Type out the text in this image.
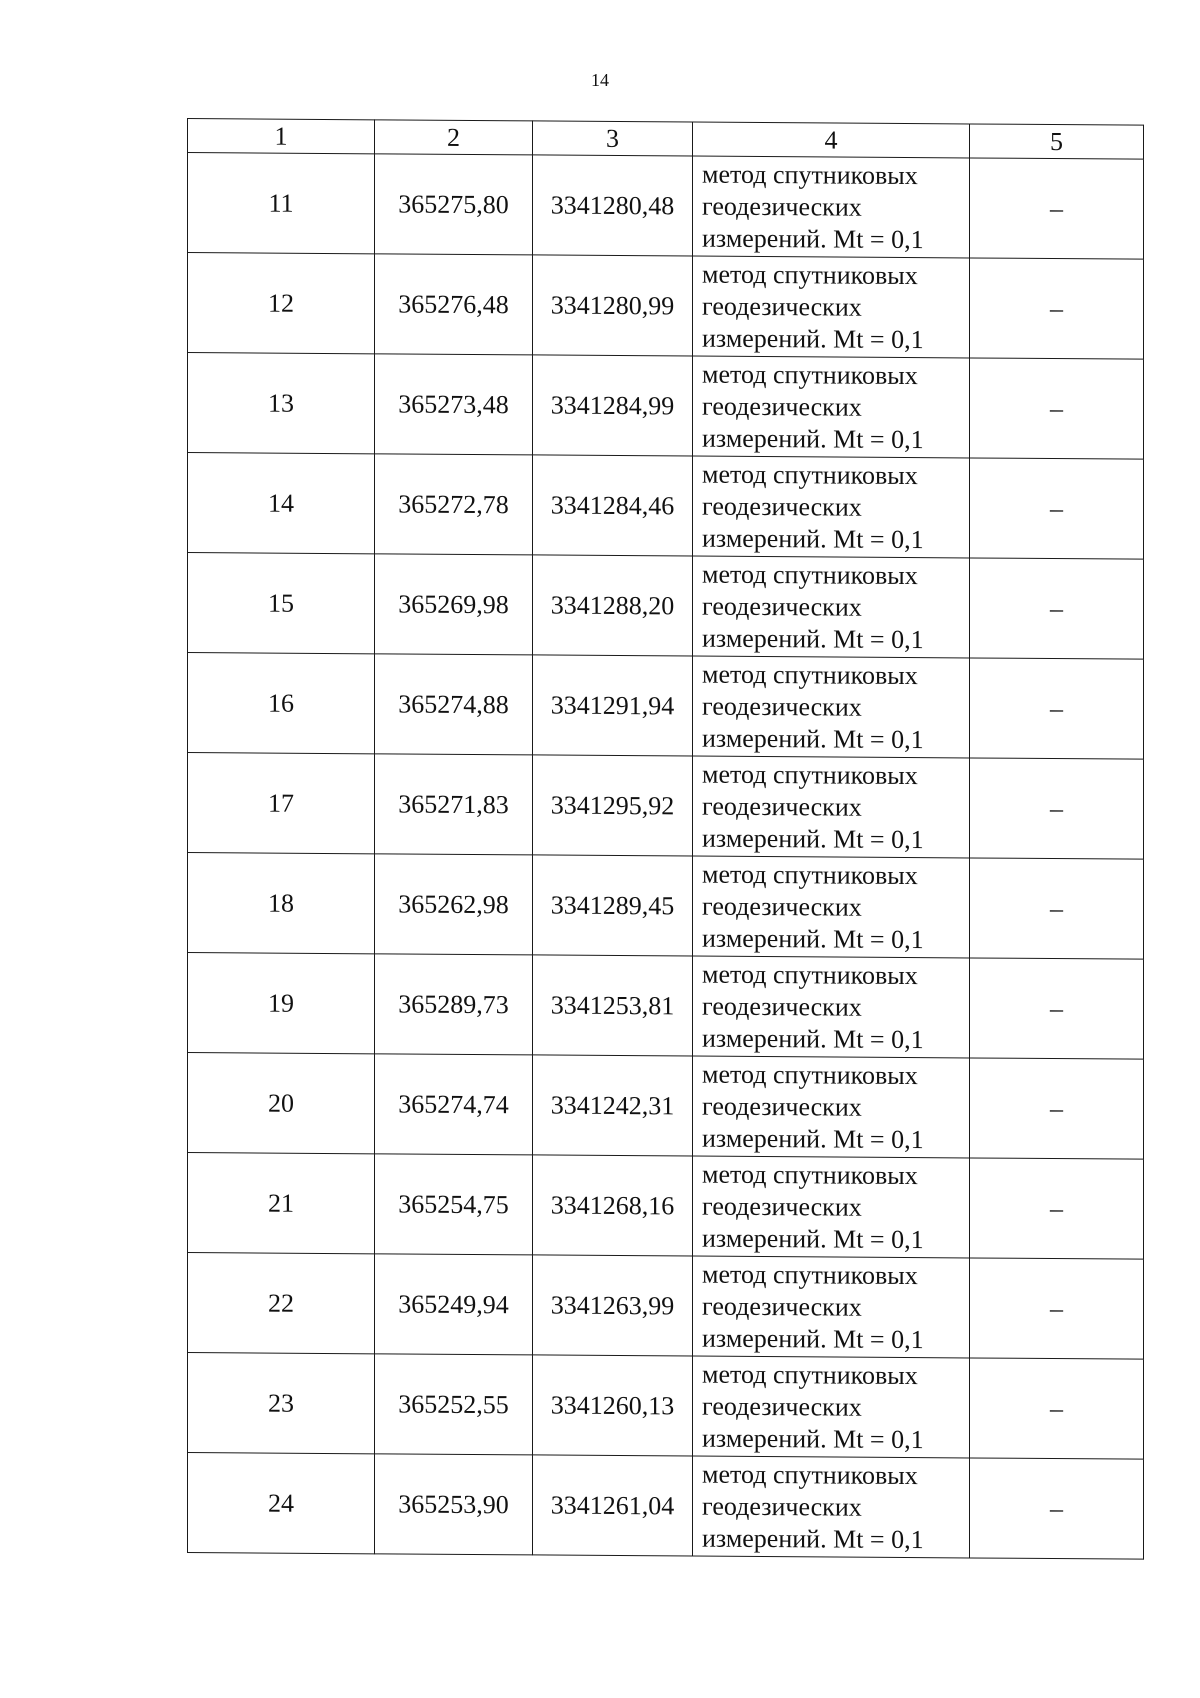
14
1	2	3	4	5
11	365275,80	3341280,48	метод спутниковых
геодезических
измерений. Mt = 0,1	–
12	365276,48	3341280,99	метод спутниковых
геодезических
измерений. Mt = 0,1	–
13	365273,48	3341284,99	метод спутниковых
геодезических
измерений. Mt = 0,1	–
14	365272,78	3341284,46	метод спутниковых
геодезических
измерений. Mt = 0,1	–
15	365269,98	3341288,20	метод спутниковых
геодезических
измерений. Mt = 0,1	–
16	365274,88	3341291,94	метод спутниковых
геодезических
измерений. Mt = 0,1	–
17	365271,83	3341295,92	метод спутниковых
геодезических
измерений. Mt = 0,1	–
18	365262,98	3341289,45	метод спутниковых
геодезических
измерений. Mt = 0,1	–
19	365289,73	3341253,81	метод спутниковых
геодезических
измерений. Mt = 0,1	–
20	365274,74	3341242,31	метод спутниковых
геодезических
измерений. Mt = 0,1	–
21	365254,75	3341268,16	метод спутниковых
геодезических
измерений. Mt = 0,1	–
22	365249,94	3341263,99	метод спутниковых
геодезических
измерений. Mt = 0,1	–
23	365252,55	3341260,13	метод спутниковых
геодезических
измерений. Mt = 0,1	–
24	365253,90	3341261,04	метод спутниковых
геодезических
измерений. Mt = 0,1	–
